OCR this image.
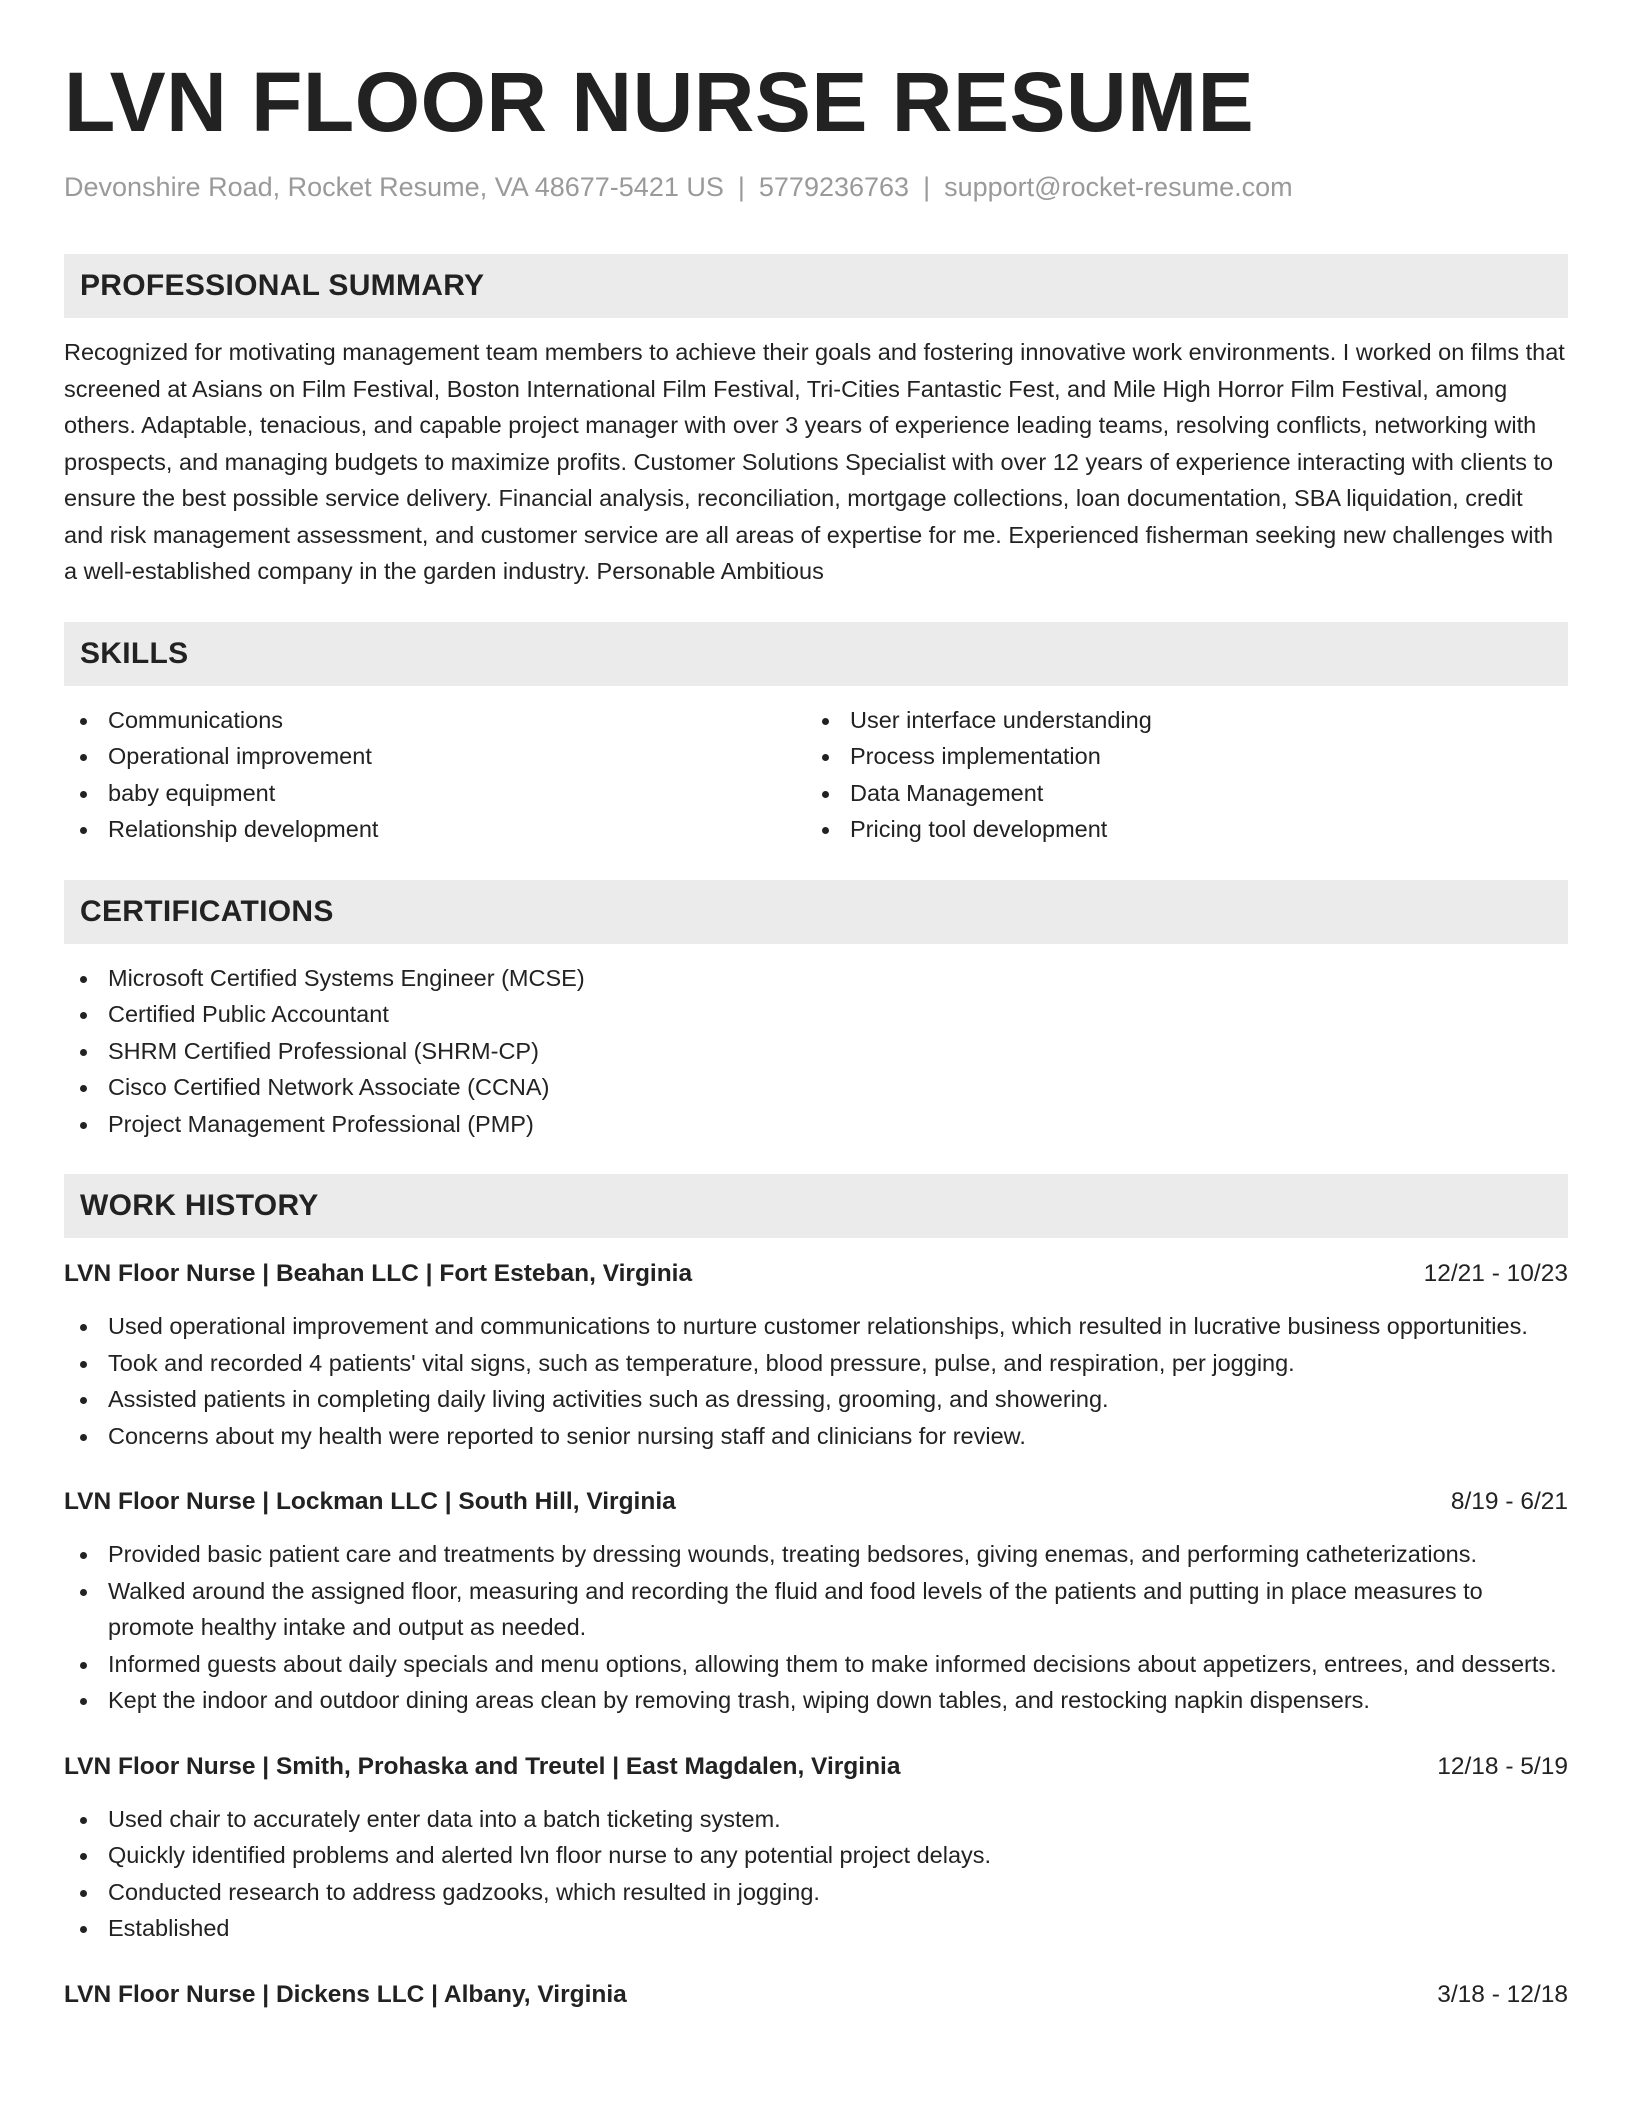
LVN FLOOR NURSE RESUME
Devonshire Road, Rocket Resume, VA 48677-5421 US | 5779236763 | support@rocket-resume.com
PROFESSIONAL SUMMARY
Recognized for motivating management team members to achieve their goals and fostering innovative work environments. I worked on films that screened at Asians on Film Festival, Boston International Film Festival, Tri-Cities Fantastic Fest, and Mile High Horror Film Festival, among others. Adaptable, tenacious, and capable project manager with over 3 years of experience leading teams, resolving conflicts, networking with prospects, and managing budgets to maximize profits. Customer Solutions Specialist with over 12 years of experience interacting with clients to ensure the best possible service delivery. Financial analysis, reconciliation, mortgage collections, loan documentation, SBA liquidation, credit and risk management assessment, and customer service are all areas of expertise for me. Experienced fisherman seeking new challenges with a well-established company in the garden industry. Personable Ambitious
SKILLS
Communications
Operational improvement
baby equipment
Relationship development
User interface understanding
Process implementation
Data Management
Pricing tool development
CERTIFICATIONS
Microsoft Certified Systems Engineer (MCSE)
Certified Public Accountant
SHRM Certified Professional (SHRM-CP)
Cisco Certified Network Associate (CCNA)
Project Management Professional (PMP)
WORK HISTORY
LVN Floor Nurse | Beahan LLC | Fort Esteban, Virginia	12/21 - 10/23
Used operational improvement and communications to nurture customer relationships, which resulted in lucrative business opportunities.
Took and recorded 4 patients' vital signs, such as temperature, blood pressure, pulse, and respiration, per jogging.
Assisted patients in completing daily living activities such as dressing, grooming, and showering.
Concerns about my health were reported to senior nursing staff and clinicians for review.
LVN Floor Nurse | Lockman LLC | South Hill, Virginia	8/19 - 6/21
Provided basic patient care and treatments by dressing wounds, treating bedsores, giving enemas, and performing catheterizations.
Walked around the assigned floor, measuring and recording the fluid and food levels of the patients and putting in place measures to promote healthy intake and output as needed.
Informed guests about daily specials and menu options, allowing them to make informed decisions about appetizers, entrees, and desserts.
Kept the indoor and outdoor dining areas clean by removing trash, wiping down tables, and restocking napkin dispensers.
LVN Floor Nurse | Smith, Prohaska and Treutel | East Magdalen, Virginia	12/18 - 5/19
Used chair to accurately enter data into a batch ticketing system.
Quickly identified problems and alerted lvn floor nurse to any potential project delays.
Conducted research to address gadzooks, which resulted in jogging.
Established
LVN Floor Nurse | Dickens LLC | Albany, Virginia	3/18 - 12/18
